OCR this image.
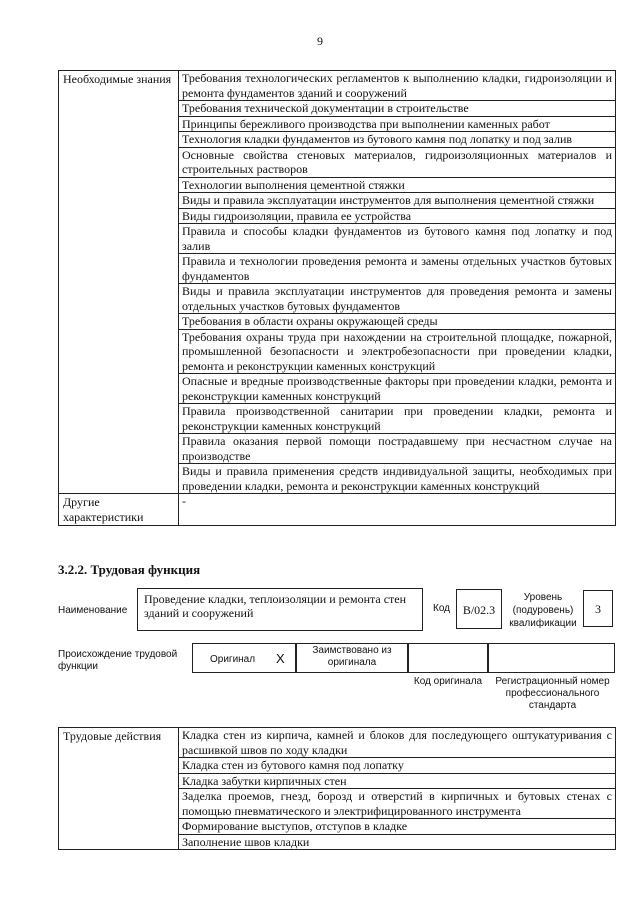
9
Необходимые знания	Требования технологических регламентов к выполнению кладки, гидроизоляции и ремонта фундаментов зданий и сооружений
	Требования технической документации в строительстве
	Принципы бережливого производства при выполнении каменных работ
	Технология кладки фундаментов из бутового камня под лопатку и под залив
	Основные свойства стеновых материалов, гидроизоляционных материалов и строительных растворов
	Технологии выполнения цементной стяжки
	Виды и правила эксплуатации инструментов для выполнения цементной стяжки
	Виды гидроизоляции, правила ее устройства
	Правила и способы кладки фундаментов из бутового камня под лопатку и под залив
	Правила и технологии проведения ремонта и замены отдельных участков бутовых фундаментов
	Виды и правила эксплуатации инструментов для проведения ремонта и замены отдельных участков бутовых фундаментов
	Требования в области охраны окружающей среды
	Требования охраны труда при нахождении на строительной площадке, пожарной, промышленной безопасности и электробезопасности при проведении кладки, ремонта и реконструкции каменных конструкций
	Опасные и вредные производственные факторы при проведении кладки, ремонта и реконструкции каменных конструкций
	Правила производственной санитарии при проведении кладки, ремонта и реконструкции каменных конструкций
	Правила оказания первой помощи пострадавшему при несчастном случае на производстве
	Виды и правила применения средств индивидуальной защиты, необходимых при проведении кладки, ремонта и реконструкции каменных конструкций
Другие характеристики	-
3.2.2. Трудовая функция
Наименование
Проведение кладки, теплоизоляции и ремонта стен зданий и сооружений	Код	В/02.3
Уровень (подуровень) квалификации
3
Происхождение трудовой функции
Оригинал X
Заимствовано из оригинала
Код оригинала	Регистрационный номер профессионального стандарта
Трудовые действия	Кладка стен из кирпича, камней и блоков для последующего оштукатуривания с расшивкой швов по ходу кладки
Кладка стен из бутового камня под лопатку
Кладка забутки кирпичных стен
Заделка проемов, гнезд, борозд и отверстий в кирпичных и бутовых стенах с помощью пневматического и электрифицированного инструмента
Формирование выступов, отступов в кладке
Заполнение швов кладки
